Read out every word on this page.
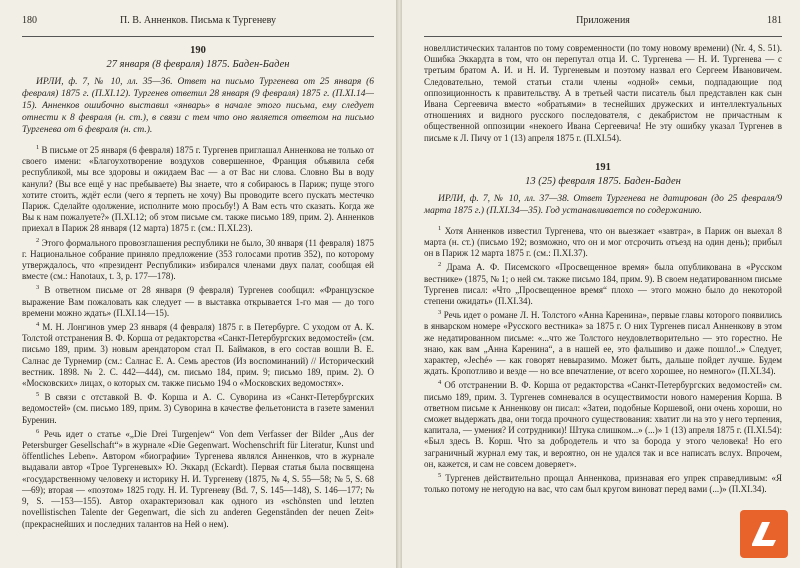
180	П. В. Анненков. Письма к Тургеневу
190
27 января (8 февраля) 1875. Баден-Баден

ИРЛИ, ф. 7, № 10, лл. 35—36. Ответ на письмо Тургенева от 25 января (6 февраля) 1875 г. (П.XI.12). Тургенев ответил 28 января (9 февраля) 1875 г. (П.XI.14—15). Анненков ошибочно выставил «январь» в начале этого письма, ему следует отнести к 8 февраля (н. ст.), в связи с тем что оно является ответом на письмо Тургенева от 6 февраля (н. ст.).

$^1$ В письме от 25 января (6 февраля) 1875 г. Тургенев приглашал Анненкова не только от своего имени: «Благоухотворение воздухов совершенное, Франция объявила себя республикой, мы все здоровы и ожидаем Вас — а от Вас ни слова. Словно Вы в воду канули? (Вы все ещё у нас пребываете) Вы знаете, что я собираюсь в Париж; пуще этого хотите стоить, ждёт если (чего я терпеть не хочу) Вы проводите всего пускать местечко Париж. Сделайте одолжение, исполните мою просьбу!) А Вам есть что сказать. Когда же Вы к нам пожалуете?» (П.XI.12; об этом письме см. также письмо 189, прим. 2). Анненков приехал в Париж 28 января (12 марта) 1875 г. (см.: П.XI.23).

$^2$ Этого формального провозглашения республики не было, 30 января (11 февраля) 1875 г. Национальное собрание приняло предложение (353 голосами против 352), по которому утверждалось, что «президент Республики» избирался членами двух палат, сообщая ей вместе (см.: Hanotaux, t. 3, p. 177—178).

$^3$ В ответном письме от 28 января (9 февраля) Тургенев сообщил: «Французское выражение Вам пожаловать как следует — в выставка открывается 1-го мая — до того времени можно ждать» (П.XI.14—15).

$^4$ М. Н. Лонгинов умер 23 января (4 февраля) 1875 г. в Петербурге. С уходом от А. К. Толстой отстранения В. Ф. Корша от редакторства «Санкт-Петербургских ведомостей» (см. письмо 189, прим. 3) новым арендатором стал П. Баймаков, в его состав вошли В. Е. Салнас де Турнемир (см.: Салнас Е. А. Семь арестов (Из воспоминаний) // Исторический вестник. 1898. № 2. С. 442—444), см. письмо 184, прим. 9; письмо 189, прим. 2). О «Московских» лицах, о которых см. также письмо 194 о «Московских ведомостях».

$^5$ В связи с отставкой В. Ф. Корша и А. С. Суворина из «Санкт-Петербургских ведомостей» (см. письмо 189, прим. 3) Суворина в качестве фельетониста в газете заменил Буренин.

$^6$ Речь идет о статье «„Die Drei Turgenjew“ Von dem Verfasser der Bilder „Aus der Petersburger Gesellschaft“» в журнале «Die Gegenwart. Wochenschrift für Literatur, Kunst und öffentliches Leben». Автором «биографии» Тургенева являлся Анненков, что в журнале выдавали автор «Трое Тургеневых» Ю. Эккард (Eckardt). Первая статья была посвящена «государственному человеку и историку Н. И. Тургеневу (1875, № 4, S. 55—58; № 5, S. 68—69); вторая — «поэтом» 1825 году. Н. И. Тургеневу (Bd. 7, S. 145—148), S. 146—177; № 9, S. —153—155). Автор охарактеризовал как одного из «schönsten und letzten novellistischen Talente der Gegenwart, die sich zu anderen Gegenständen der neuen Zeit» (прекраснейших и последних талантов на Ней о нем).

Приложения	181

новеллистических талантов по тому современности (по тому новому времени) (Nr. 4, S. 51). Ошибка Эккардта в том, что он перепутал отца И. С. Тургенева — Н. И. Тургенева — с третьим братом А. И. и Н. И. Тургеневым и поэтому назвал его Сергеем Ивановичем. Следовательно, темой статьи стали члены «одной» семьи, подпадающие под оппозиционность к правительству. А в третьей части писатель был представлен как сын Ивана Сергеевича вместо «обратьями» в теснейших дружеских и интеллектуальных отношениях и видного русского последователя, с декабристом не причастным к общественной оппозиции «некоего Ивана Сергеевича! Не эту ошибку указал Тургенев в письме к Л. Пичу от 1 (13) апреля 1875 г. (П.XI.54).

191
13 (25) февраля 1875. Баден-Баден

ИРЛИ, ф. 7, № 10, лл. 37—38. Ответ Тургенева не датирован (до 25 февраля/9 марта 1875 г.) (П.XI.34—35). Год устанавливается по содержанию.

$^1$ Хотя Анненков известил Тургенева, что он выезжает «завтра», в Париж он выехал 8 марта (н. ст.) (письмо 192; возможно, что он и мог отсрочить отъезд на один день); прибыл он в Париж 12 марта 1875 г. (см.: П.XI.37).

$^2$ Драма А. Ф. Писемского «Просвещенное время» была опубликована в «Русском вестнике» (1875, № 1; о ней см. также письмо 184, прим. 9). В своем недатированном письме Тургенев писал: «Что „Просвещенное время“ плохо — этого можно было до некоторой степени ожидать» (П.XI.34).

$^3$ Речь идет о романе Л. Н. Толстого «Анна Каренина», первые главы которого появились в январском номере «Русского вестника» за 1875 г. О них Тургенев писал Анненкову в этом же недатированном письме: «...что же Толстого неудовлетворительно — это горестно. Не знаю, как вам „Анна Каренина“, а в нашей ее, это фальшиво и даже пошло!..» Следует, характер, «Jeché» — как говорят невыразимо. Может быть, дальше пойдет лучше. Будем ждать. Кропотливо и везде — но все впечатление, от всего хорошее, но немного» (П.XI.34).

$^4$ Об отстранении В. Ф. Корша от редакторства «Санкт-Петербургских ведомостей» см. письмо 189, прим. 3. Тургенев сомневался в осуществимости нового намерения Корша. В ответном письме к Анненкову он писал: «Затеи, подобные Коршевой, они очень хороши, но сможет выдержать два, они тогда прочного существования: хватит ли на это у него терпения, капитала, — умения? И сотрудники)! Штука слишком...» (...)» 1 (13) апреля 1875 г. (П.XI.54): «Был здесь В. Корш. Что за добродетель и что за борода у этого человека! Но его заграничный журнал ему так, и вероятно, он не удался так и все написать вслух. Впрочем, он, кажется, и сам не совсем доверяет».

$^5$ Тургенев действительно прощал Анненкова, признавая его упрек справедливым: «Я только потому не негодую на вас, что сам был кругом виноват перед вами (...)» (П.XI.34).
